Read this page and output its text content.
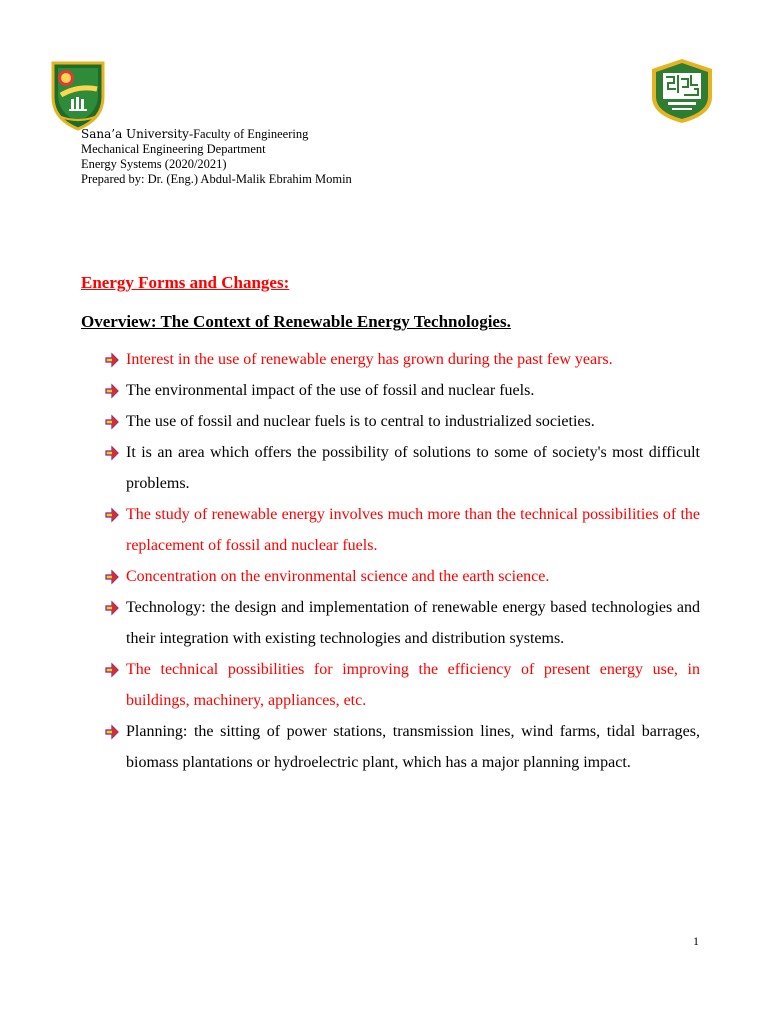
Sana’a University-Faculty of Engineering
Mechanical Engineering Department
Energy Systems (2020/2021)
Prepared by: Dr. (Eng.) Abdul-Malik Ebrahim Momin
Energy Forms and Changes:
Overview: The Context of Renewable Energy Technologies.
Interest in the use of renewable energy has grown during the past few years.
The environmental impact of the use of fossil and nuclear fuels.
The use of fossil and nuclear fuels is to central to industrialized societies.
It is an area which offers the possibility of solutions to some of society's most difficult problems.
The study of renewable energy involves much more than the technical possibilities of the replacement of fossil and nuclear fuels.
Concentration on the environmental science and the earth science.
Technology: the design and implementation of renewable energy based technologies and their integration with existing technologies and distribution systems.
The technical possibilities for improving the efficiency of present energy use, in buildings, machinery, appliances, etc.
Planning: the sitting of power stations, transmission lines, wind farms, tidal barrages, biomass plantations or hydroelectric plant, which has a major planning impact.
1
